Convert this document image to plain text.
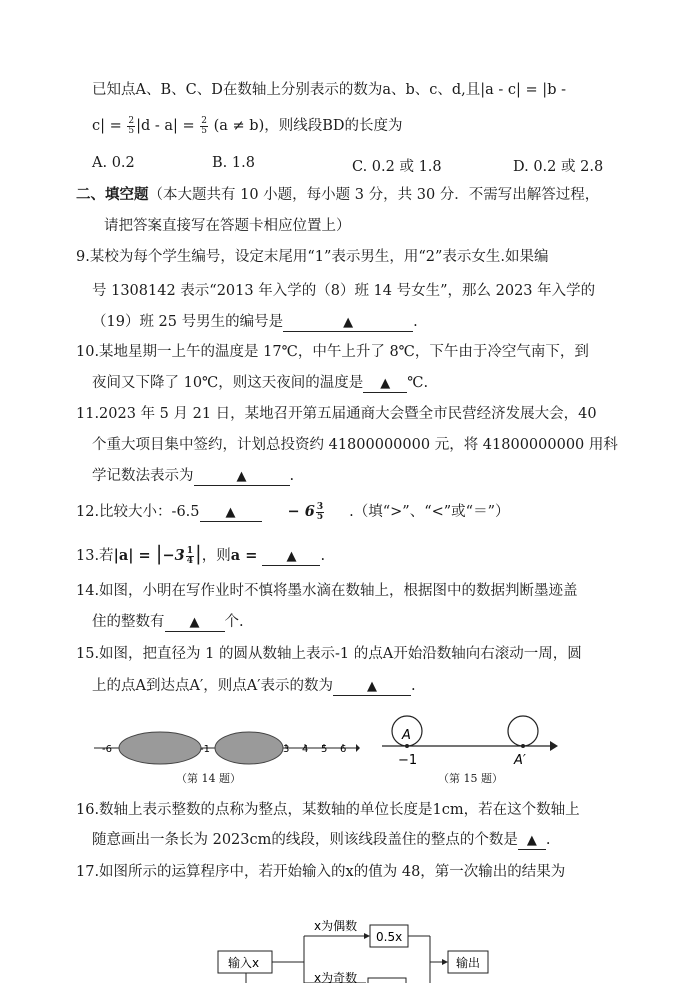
已知点A、B、C、D在数轴上分别表示的数为a、b、c、d,且|a - c| = |b -
$c| = \frac{2}{5} |d - a| = \frac{2}{5} (a \ne b)$，则线段BD的长度为
A. 0.2	B. 1.8	C. 0.2 或 1.8	D. 0.2 或 2.8
二、填空题（本大题共有 10 小题，每小题 3 分，共 30 分．不需写出解答过程，
请把答案直接写在答题卡相应位置上）
9.某校为每个学生编号，设定末尾用“1”表示男生，用“2”表示女生.如果编
号 1308142 表示“2013 年入学的（8）班 14 号女生”，那么 2023 年入学的
（19）班 25 号男生的编号是	▲	.
10.某地星期一上午的温度是 17℃，中午上升了 8℃，下午由于冷空气南下，到
夜间又下降了 10℃，则这天夜间的温度是 ▲ ℃.
11.2023 年 5 月 21 日，某地召开第五届通商大会暨全市民营经济发展大会，40
个重大项目集中签约，计划总投资约 41800000000 元，将 41800000000 用科
学记数法表示为	▲	.
12.比较大小：-6.5 ▲	− $6 \frac{3}{5}$ .（填“>”、“<”或“＝”）
13.若$|a| = |-3 \frac{1}{4}$ |，则a = ▲ .
14.如图，小明在写作业时不慎将墨水滴在数轴上，根据图中的数据判断墨迹盖
住的整数有 ▲ 个.
15.如图，把直径为 1 的圆从数轴上表示-1 的点A开始沿数轴向右滚动一周，圆
上的点A到达点A′，则点A′表示的数为	▲ .
-6	-1	3 4 5 6
（第 14 题）
A
−1	A′
（第 15 题）
16.数轴上表示整数的点称为整点，某数轴的单位长度是1cm，若在这个数轴上
随意画出一条长为 2023cm的线段，则该线段盖住的整点的个数是 ▲ .
17.如图所示的运算程序中，若开始输入的x的值为 48，第一次输出的结果为
输入x
x为偶数
0.5x
输出
x为奇数
